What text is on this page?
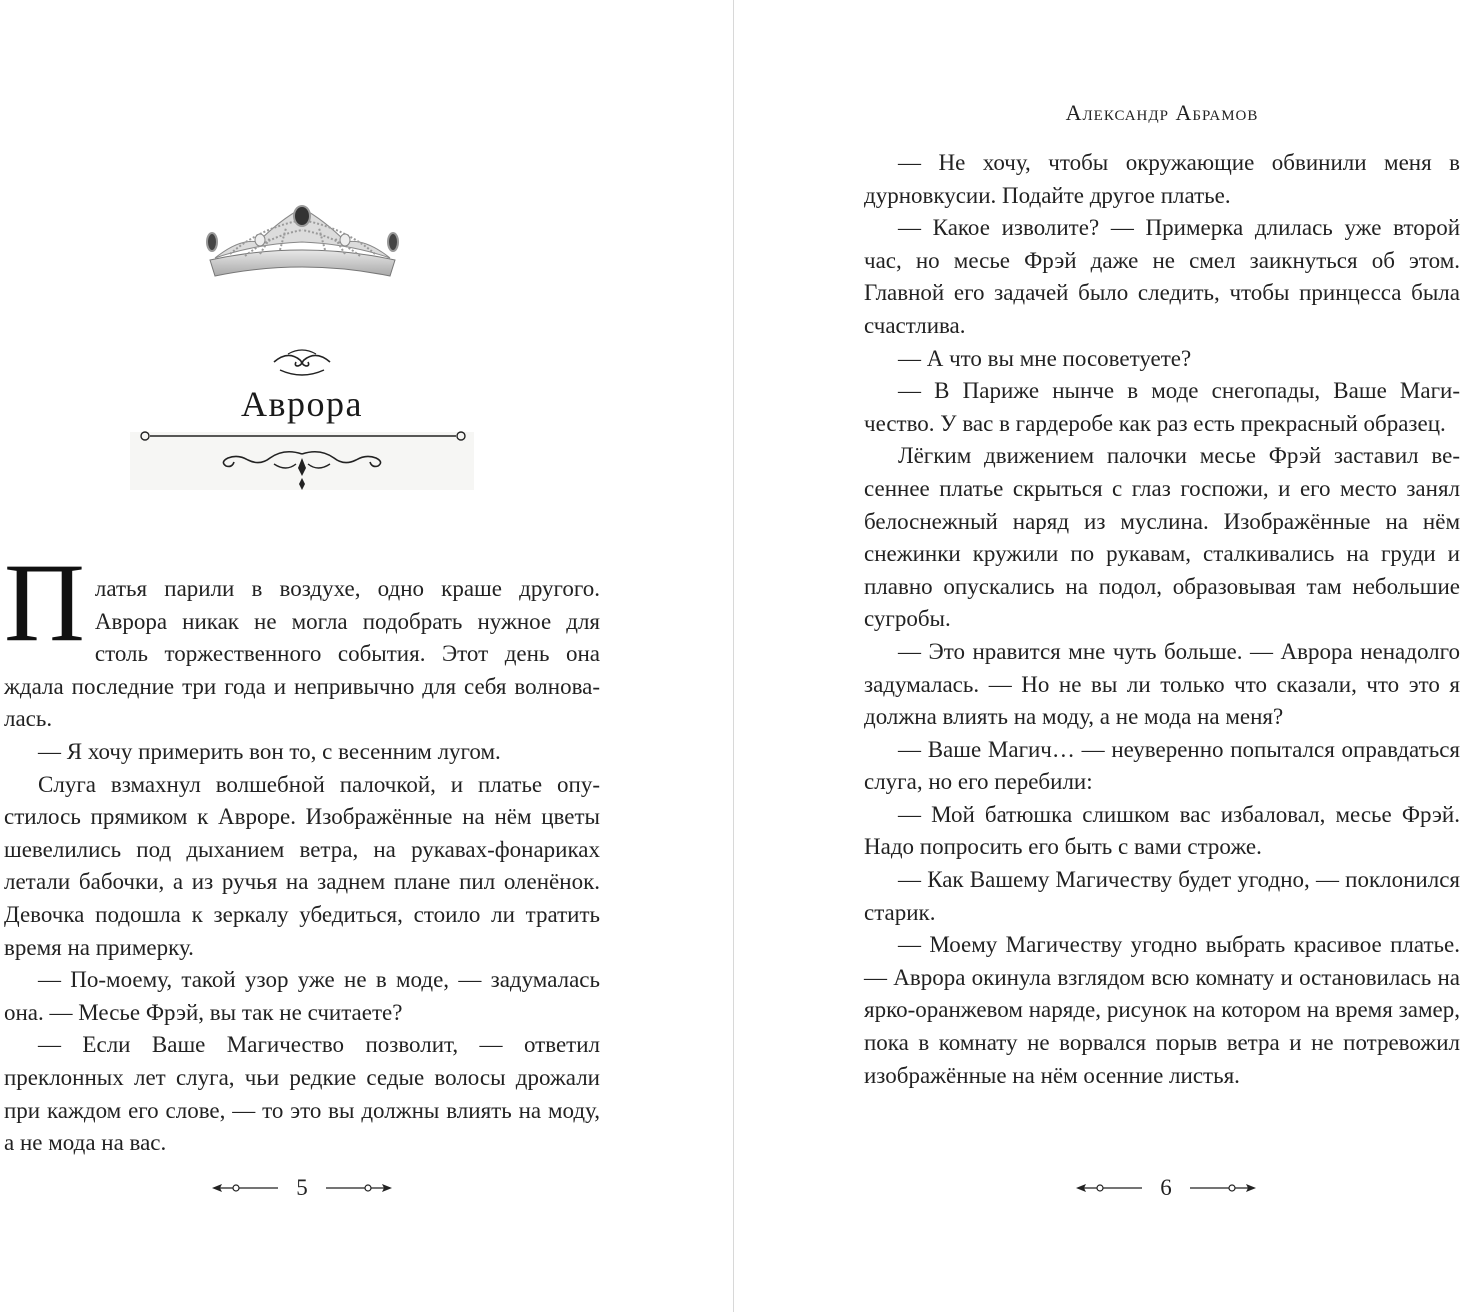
Аврора

Платья парили в воздухе, одно краше другого. Аврора никак не могла подобрать нужное для столь торжественного события. Этот день она ждала последние три года и непривычно для себя волновалась.

— Я хочу примерить вон то, с весенним лугом.

Слуга взмахнул волшебной палочкой, и платье опустилось прямиком к Авроре. Изображённые на нём цветы шевелились под дыханием ветра, на рукавах-фонариках летали бабочки, а из ручья на заднем плане пил оленёнок. Девочка подошла к зеркалу убедиться, стоило ли тратить время на примерку.

— По-моему, такой узор уже не в моде, — задумалась она. — Месье Фрэй, вы так не считаете?

— Если Ваше Магичество позволит, — ответил преклонных лет слуга, чьи редкие седые волосы дрожали при каждом его слове, — то это вы должны влиять на моду, а не мода на вас.

5
Александр Абрамов

— Не хочу, чтобы окружающие обвинили меня в дурновкусии. Подайте другое платье.

— Какое изволите? — Примерка длилась уже второй час, но месье Фрэй даже не смел заикнуться об этом. Главной его задачей было следить, чтобы принцесса была счастлива.

— А что вы мне посоветуете?

— В Париже нынче в моде снегопады, Ваше Магичество. У вас в гардеробе как раз есть прекрасный образец.

Лёгким движением палочки месье Фрэй заставил весеннее платье скрыться с глаз госпожи, и его место занял белоснежный наряд из муслина. Изображённые на нём снежинки кружили по рукавам, сталкивались на груди и плавно опускались на подол, образовывая там небольшие сугробы.

— Это нравится мне чуть больше. — Аврора ненадолго задумалась. — Но не вы ли только что сказали, что это я должна влиять на моду, а не мода на меня?

— Ваше Магич… — неуверенно попытался оправдаться слуга, но его перебили:

— Мой батюшка слишком вас избаловал, месье Фрэй. Надо попросить его быть с вами строже.

— Как Вашему Магичеству будет угодно, — поклонился старик.

— Моему Магичеству угодно выбрать красивое платье. — Аврора окинула взглядом всю комнату и остановилась на ярко-оранжевом наряде, рисунок на котором на время замер, пока в комнату не ворвался порыв ветра и не потревожил изображённые на нём осенние листья.

6
